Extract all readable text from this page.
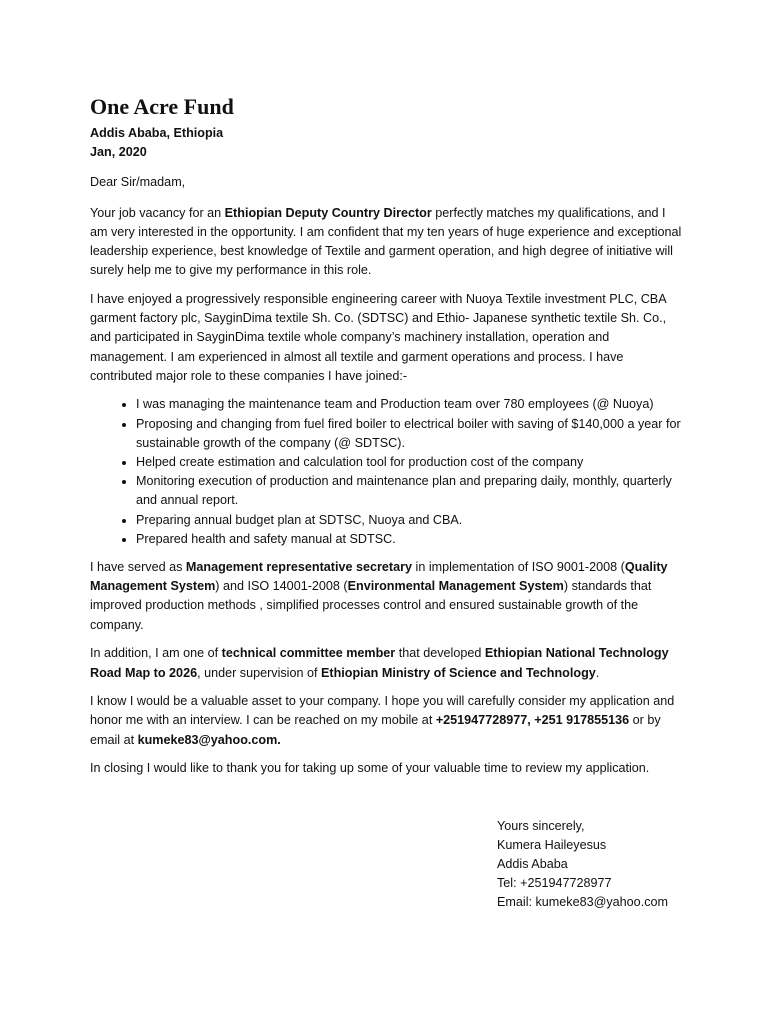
One Acre Fund
Addis Ababa, Ethiopia
Jan, 2020

Dear Sir/madam,

Your job vacancy for an Ethiopian Deputy Country Director perfectly matches my qualifications, and I am very interested in the opportunity. I am confident that my ten years of huge experience and exceptional leadership experience, best knowledge of Textile and garment operation, and high degree of initiative will surely help me to give my performance in this role.

I have enjoyed a progressively responsible engineering career with Nuoya Textile investment PLC, CBA garment factory plc, SayginDima textile Sh. Co. (SDTSC) and Ethio- Japanese synthetic textile Sh. Co., and participated in SayginDima textile whole company’s machinery installation, operation and management. I am experienced in almost all textile and garment operations and process. I have contributed major role to these companies I have joined:-

• I was managing the maintenance team and Production team over 780 employees (@ Nuoya)
• Proposing and changing from fuel fired boiler to electrical boiler with saving of $140,000 a year for sustainable growth of the company (@ SDTSC).
• Helped create estimation and calculation tool for production cost of the company
• Monitoring execution of production and maintenance plan and preparing daily, monthly, quarterly and annual report.
• Preparing annual budget plan at SDTSC, Nuoya and CBA.
• Prepared health and safety manual at SDTSC.

I have served as Management representative secretary in implementation of ISO 9001-2008 (Quality Management System) and ISO 14001-2008 (Environmental Management System) standards that improved production methods , simplified processes control and ensured sustainable growth of the company.

In addition, I am one of technical committee member that developed Ethiopian National Technology Road Map to 2026, under supervision of Ethiopian Ministry of Science and Technology.

I know I would be a valuable asset to your company. I hope you will carefully consider my application and honor me with an interview. I can be reached on my mobile at +251947728977, +251 917855136 or by email at kumeke83@yahoo.com.

In closing I would like to thank you for taking up some of your valuable time to review my application.

Yours sincerely,
Kumera Haileyesus
Addis Ababa
Tel: +251947728977
Email: kumeke83@yahoo.com
